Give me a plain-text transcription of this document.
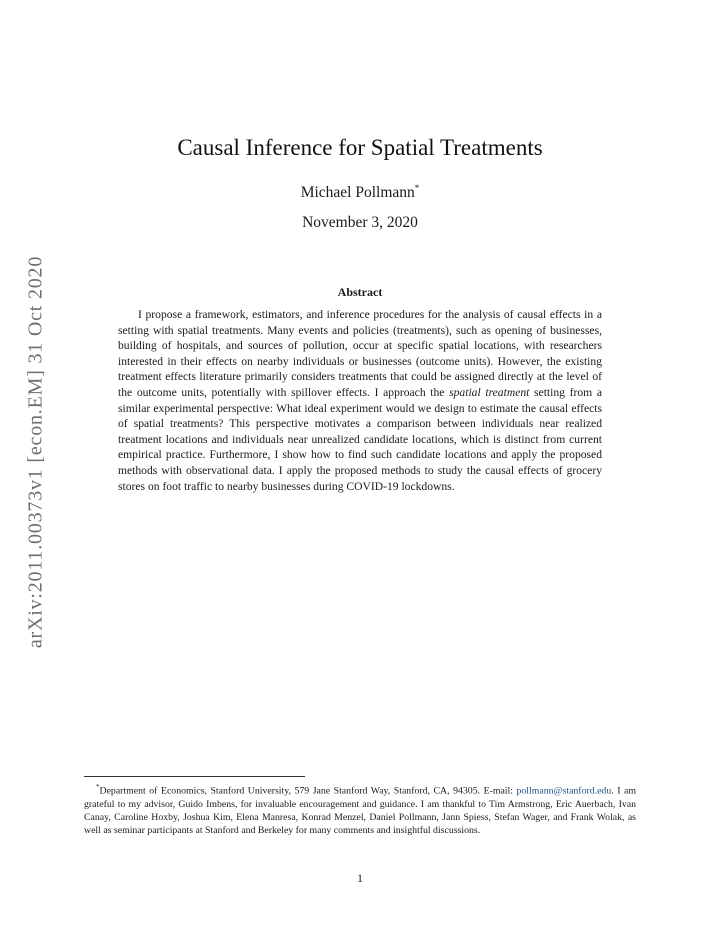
arXiv:2011.00373v1 [econ.EM] 31 Oct 2020
Causal Inference for Spatial Treatments
Michael Pollmann*
November 3, 2020
Abstract

I propose a framework, estimators, and inference procedures for the analysis of causal effects in a setting with spatial treatments. Many events and policies (treatments), such as opening of businesses, building of hospitals, and sources of pollution, occur at specific spatial locations, with researchers interested in their effects on nearby individuals or businesses (outcome units). However, the existing treatment effects literature primarily considers treatments that could be assigned directly at the level of the outcome units, potentially with spillover effects. I approach the spatial treatment setting from a similar experimental perspective: What ideal experiment would we design to estimate the causal effects of spatial treatments? This perspective motivates a comparison between individuals near realized treatment locations and individuals near unrealized candidate locations, which is distinct from current empirical practice. Furthermore, I show how to find such candidate locations and apply the proposed methods with observational data. I apply the proposed methods to study the causal effects of grocery stores on foot traffic to nearby businesses during COVID-19 lockdowns.

*Department of Economics, Stanford University, 579 Jane Stanford Way, Stanford, CA, 94305. E-mail: pollmann@stanford.edu. I am grateful to my advisor, Guido Imbens, for invaluable encouragement and guidance. I am thankful to Tim Armstrong, Eric Auerbach, Ivan Canay, Caroline Hoxby, Joshua Kim, Elena Manresa, Konrad Menzel, Daniel Pollmann, Jann Spiess, Stefan Wager, and Frank Wolak, as well as seminar participants at Stanford and Berkeley for many comments and insightful discussions.

1
